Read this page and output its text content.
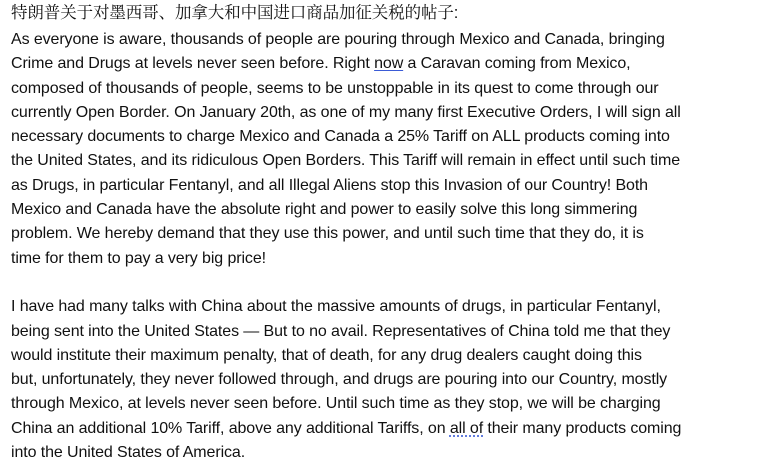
特朗普关于对墨西哥、加拿大和中国进口商品加征关税的帖子:
As everyone is aware, thousands of people are pouring through Mexico and Canada, bringing
Crime and Drugs at levels never seen before. Right now a Caravan coming from Mexico,
composed of thousands of people, seems to be unstoppable in its quest to come through our
currently Open Border. On January 20th, as one of my many first Executive Orders, I will sign all
necessary documents to charge Mexico and Canada a 25% Tariff on ALL products coming into
the United States, and its ridiculous Open Borders. This Tariff will remain in effect until such time
as Drugs, in particular Fentanyl, and all Illegal Aliens stop this Invasion of our Country! Both
Mexico and Canada have the absolute right and power to easily solve this long simmering
problem. We hereby demand that they use this power, and until such time that they do, it is
time for them to pay a very big price!
I have had many talks with China about the massive amounts of drugs, in particular Fentanyl,
being sent into the United States — But to no avail. Representatives of China told me that they
would institute their maximum penalty, that of death, for any drug dealers caught doing this
but, unfortunately, they never followed through, and drugs are pouring into our Country, mostly
through Mexico, at levels never seen before. Until such time as they stop, we will be charging
China an additional 10% Tariff, above any additional Tariffs, on all of their many products coming
into the United States of America.
